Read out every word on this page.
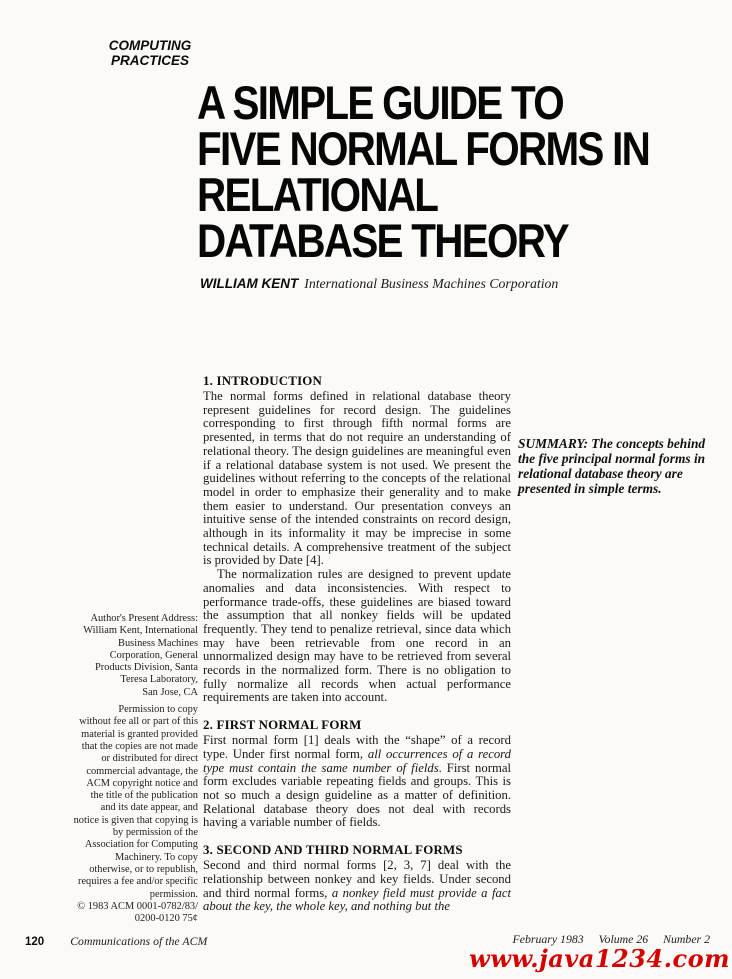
COMPUTING
PRACTICES
A SIMPLE GUIDE TO
FIVE NORMAL FORMS IN
RELATIONAL
DATABASE THEORY
WILLIAM KENT International Business Machines Corporation
SUMMARY: The concepts behind the five principal normal forms in relational database theory are presented in simple terms.
Author's Present Address:
William Kent, International
Business Machines
Corporation, General
Products Division, Santa
Teresa Laboratory,
San Jose, CA
Permission to copy
without fee all or part of this
material is granted provided
that the copies are not made
or distributed for direct
commercial advantage, the
ACM copyright notice and
the title of the publication
and its date appear, and
notice is given that copying is
by permission of the
Association for Computing
Machinery. To copy
otherwise, or to republish,
requires a fee and/or specific
permission.
© 1983 ACM 0001-0782/83/
0200-0120 75¢
1. INTRODUCTION

The normal forms defined in relational database theory represent guidelines for record design. The guidelines corresponding to first through fifth normal forms are presented, in terms that do not require an understanding of relational theory. The design guidelines are meaningful even if a relational database system is not used. We present the guidelines without referring to the concepts of the relational model in order to emphasize their generality and to make them easier to understand. Our presentation conveys an intuitive sense of the intended constraints on record design, although in its informality it may be imprecise in some technical details. A comprehensive treatment of the subject is provided by Date [4].

The normalization rules are designed to prevent update anomalies and data inconsistencies. With respect to performance trade-offs, these guidelines are biased toward the assumption that all nonkey fields will be updated frequently. They tend to penalize retrieval, since data which may have been retrievable from one record in an unnormalized design may have to be retrieved from several records in the normalized form. There is no obligation to fully normalize all records when actual performance requirements are taken into account.

2. FIRST NORMAL FORM

First normal form [1] deals with the “shape” of a record type. Under first normal form, all occurrences of a record type must contain the same number of fields. First normal form excludes variable repeating fields and groups. This is not so much a design guideline as a matter of definition. Relational database theory does not deal with records having a variable number of fields.

3. SECOND AND THIRD NORMAL FORMS

Second and third normal forms [2, 3, 7] deal with the relationship between nonkey and key fields. Under second and third normal forms, a nonkey field must provide a fact about the key, the whole key, and nothing but the

120 Communications of the ACM	February 1983 Volume 26 Number 2
www.java1234.com
